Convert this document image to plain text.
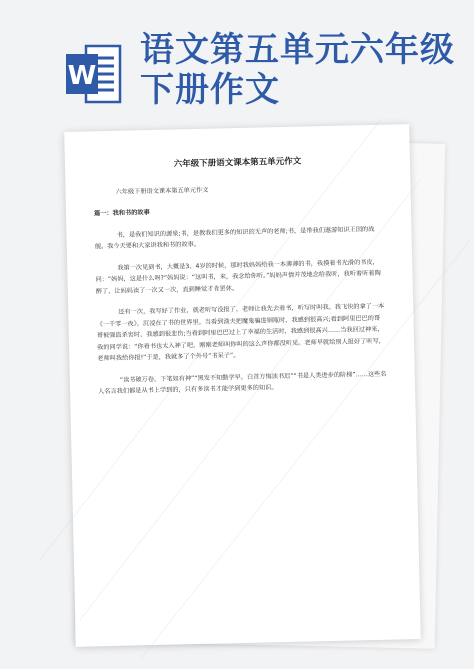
W
语文第五单元六年级下册作文
六年级下册语文课本第五单元作文
六年级下册语文课本第五单元作文
篇一：我和书的故事

书，是我们知识的源泉;书，是教我们更多的知识的无声的老师;书，是带我们遨游知识王国的战舰。我今天要和大家讲我和书的故事。

我第一次见到书，大概是3、4岁的时候，那时我妈妈给我一本薄薄的书，我摸着书光滑的书皮，问：“妈妈，这是什么呀?”妈妈说：“这叫书，来，我念给你听。”妈妈声情并茂地念给我听，我听着听着陶醉了，让妈妈读了一次又一次，直到睡觉才肯罢休。

还有一次，我写好了作业，就老听写没报了，老师让我先去看书，听写时叫我。我飞快的拿了一本《一千零一夜》，沉浸在了书的世界里。当看到渔夫把魔鬼骗进铜瓶时，我感到很高兴;看到阿里巴巴的哥哥被强盗杀害时，我感到很悲伤;当看到阿里巴巴过上了幸福的生活时，我感到很高兴……当我回过神来，我的同学说：“你看书也太入神了吧，刚刚老师叫你叫的这么声你都没听见。老师早就给别人报好了听写，老师叫我给你报!”于是，我就多了个外号“书呆子”。

“读书破万卷，下笔如有神”“黑发不知勤学早，白首方悔读书迟”“书是人类进步的阶梯”……这些名人名言我们都是从书上学到的，只有多读书才能学到更多的知识。
